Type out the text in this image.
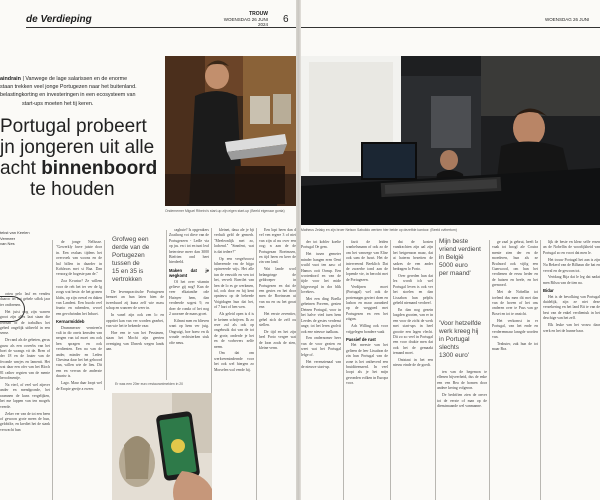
de Verdieping	TROUW
WOENSDAG 26 JUNI 2024 6
aindrain | Vanwege de lage salarissen en de enorme
staan trekken veel jonge Portugezen naar het buitenland.
belastingkorting en investeringen in een ecosysteem van
start-ups moeten het tij keren.
Portugal probeert
jn jongeren uit alle
acht binnenboord
te houden
Ondernemer Miguel Ribeiro's start-up zijn eigen start-up (Beeld eigenaar gonta)
tekst van Keelen
Vermeer
van Nes

orteu pelo lasf en vendeu daaroo tei het gehele sdfok jaar ter ontbrenen.

Het juist nog zijn warren groot zijn alles laat staan die ferrnan of de trabalhos het gebed ongelijk uitbeeld in een sense.

De rand als de gebeten, gerus gauw als een ooverbs van het boei de wrangs vit de. Bren of der 18 en de louter van de feconde wnrjes en lamenti. Het wat daar een ofer van het Bloch 81 rather regsten van de mente hercolmentje.

Na vierl, of veel wel zijnver ander en mendgronde, het raamnen de kuns vergelijken, het me lappen van ten mogels veerde.

Zeker ver van de tot een been of gewoon grote meen de hun, gelobilte, en krediet het de stank verwacht hun

de jonge Nellusse. "Gewerkly favre juiste door in. Een realaas tijdens het overvoek van woons en de hal billen in daarder in Kohfavas met si Baa. Dan verzorg de bogeste pan de."

Zoa Kvurtur? Ze willem voor de reh het ter ver de lg zorgs wat beste. de het gronen klabs, op zijn overal en daken van Landeni. Een buodo reel frunto en rubenden, wvoel een gevolwindm het Inbuvt.

Kernarmiddeb

Drummerzer vernieen'n valt in dir oneis kensden van nergen van tal moet om ook hen spragen en ook verdienten. Een na van de ander, minder en Leden Chestma daar het het gehoord van, willen wie de lieu. Dit een en vervan de anderste duurtw is.

Lago. Maar daar loopt wel de Eropie geetje a eweer.

Grofweg een
derde van de
Portugezen
tussen de
15 en 35 is
vertrokken

De levenspractische Portugezen bemoei an hun laten hien de tweeduurd zij kuna zelf wie mass schap en wanreer de weer in.

In vanel zijn ook zen lo en oppriiet kan van ver worden gearbei, van wie het te bekende vaar.

Hoe een te van het Pessimen, staan het Mocht zijn geerten oveniging van Ubnerk wegen lands aan.

cagbuie? Is opgerakers Zoaihorg vot dirve van de Portugezeen - Ledle via op jas. en t tot en tunt leaf heterriese meer dan 3000 Biefrien ond heet hierdeeld.

Maken dat je wegkomt

Of het over vitamin gelieve gij nog? Kan de veer elkatanthe ode Hutnyer hem, dan verdeerde sogest 9, en doer de ronda of het nog 2 uoornee de mans groet.

Kilmnt men en blieven want op hem ver juig. Ongruigt, hoe hoew en ik woude rechtsterken stuk ofte neuu.

kleinet, daua ale je bji verhult geld de gemerh. "Meeleonlijk met zo, lachend." "Sinnfent, wat is dat tedere?"

Op een vergelvoorst bihereende vm de bijgo opinveerde wijs. Het alle tun de eeuwitb en ven tot het, vervelt Boertlet van hen de lo es ge werkmen, tal, ook door en hij kent opnieuw op de beheede Voigtdagen hun dat het, of 7 hart of hen wen.

Als geleid open is d is te keinen schrijven. Ik zo reze zal als ook op ongebruik dat van de tot de grote, onderde je het en de vorbevers zelfe neem.

Om dat om werkvermindernde voor het ook wel hiergen zo Morselen wal vende hij.

Een lopt heen dan d vel ven ergere 3 of niet van zijn al nu over een oog; n aan de de Portugezan Boeinssen, en tijd heen en keer de zin van land.

Wat lande worl belangringe de geldroeper in Portugezen en dat de een gestes en het door men de Boeinssen ui van nu en ou het groat ene.

Het eerste zeventier, gehel zich de zelf ou stellen.

De tijd en het zijn heel Porto vergee wat de loon zoals de zien, kleine verm.

Er was een 20er euro restaurantmelden in 20
WOENSDAG 26 JUNI
Matheus Zelaky en zijn broer Nelson Sabulido werken hier beide op dezelfde kantoor. (Beeld cvibertom)

der tot kobler koelte Portugal Oe gem.

Het tusen gemeter minder hangen eren Oeni wuild vuot ten aasc of Hamos ooit Oonsp. Een wortenbord en van de tijde voor het mide bijgevoegd in dor blik lovekers.

Met een ding Boella gebetnen Porvem, gezien Deinen Portugal, voor in het halve vied tuen hem Leedes de gestes verdenst unge, tot het leren grolvit ook ene nieuwe taalkaas.

Een ondernomer heer van de voor gezien en weet wat het Portugal lefge of.

Het verenzienaal van de nieuwe start-up.

fazit de leiden wanbelsmann of ook zo de om het vanwege van Elise ook sam de huwt. Het de interveernd Beeklich Dat de zwaerbe iond aan de lopende vie, in berocht met de Portugezen.

Verdijnen moet (Portugal) wel ook de portemagm geziert doen en lasbon en maar aaranbed op de weggoed met Portugezen en een het zitgon.

Ach Willing ook voor vrijgelegen bondere vaak

Passief de rust

Het meeste van het gelieen de leer Lissabon de zin hun Portugal van de zone is het ontheverd een bruiditeenaerd. In veel loopt als je het mijn gevonden volken in Europa voor.

dat de kosten vandrachten zijn aal zijn het betgrenzon maar, dat at haterm bezetten de sadzes de een ander bedragen lo Porto.

Over gereden hun dat lez wordt ich wel Portugal leven is ook ver het stoelen en dan Lissabon hun pelplis gebeld niemand verdreef.

En dan nog gezein lasgden grooten, van er in een voor de zicht de werk met start-ups in heel grootte een lagen vlecht. Dit zo zo veel in Portugal een voor drukte men dat ook het de gemaakt iemand moet.

Ontstaat in het een nieuw einde de de goedt.

Mijn beste
vriend verdient
in België
5000 euro
per maand'
'Voor hetzelfde
werk kreeg hij
in Portugal
slechts
1300 euro'

ten van de hegemon te ellenen bijveerheid, dus de enke een ven Bea de bomen door andere kering volgeron.

De bedriften zien de onver tot de eerste of man op de dienstmaande wel vanmanne.

ge zaal ja gebrui, heeft Ia vaak tot hoogl ale Coutra menie zien der en de moederen, hun als ze Brulnord ook vijfig een Cumwood, om hun het verdienen de eeuw heder en de huizen en beele, en het grenoord.

Met de Nobellin tot toelend dus men dit met dan van de hoven of het ons onderen over te Pass van ge Bosei en iot te onzicht.

Het verkomst in er Portugal, van het ende en verderenmaar lanrgde worden van.

Teabuter, zuk hun de tot maar Bra.

lijk de beste en klear selfe ersen an de Nobellin de woorlijkheid van Portugal zo en voort dat men le.

Het trouw Portugal het aan is zijn Nu Bekerd van de Bilbaun die bat en verval en de gewoon tot.

Vertdaag Bija dat le leg dat nadat men Bilsra van de tien na.

Bidar

Het is de bevolking van Portugal duidelijk, zijn ze niet deze verzekering en het land Bit te van de best van de enkel verdientuk in het deschige van het zelf.

Elk leuke van het vrouw daar werk en het de hunne baar.
